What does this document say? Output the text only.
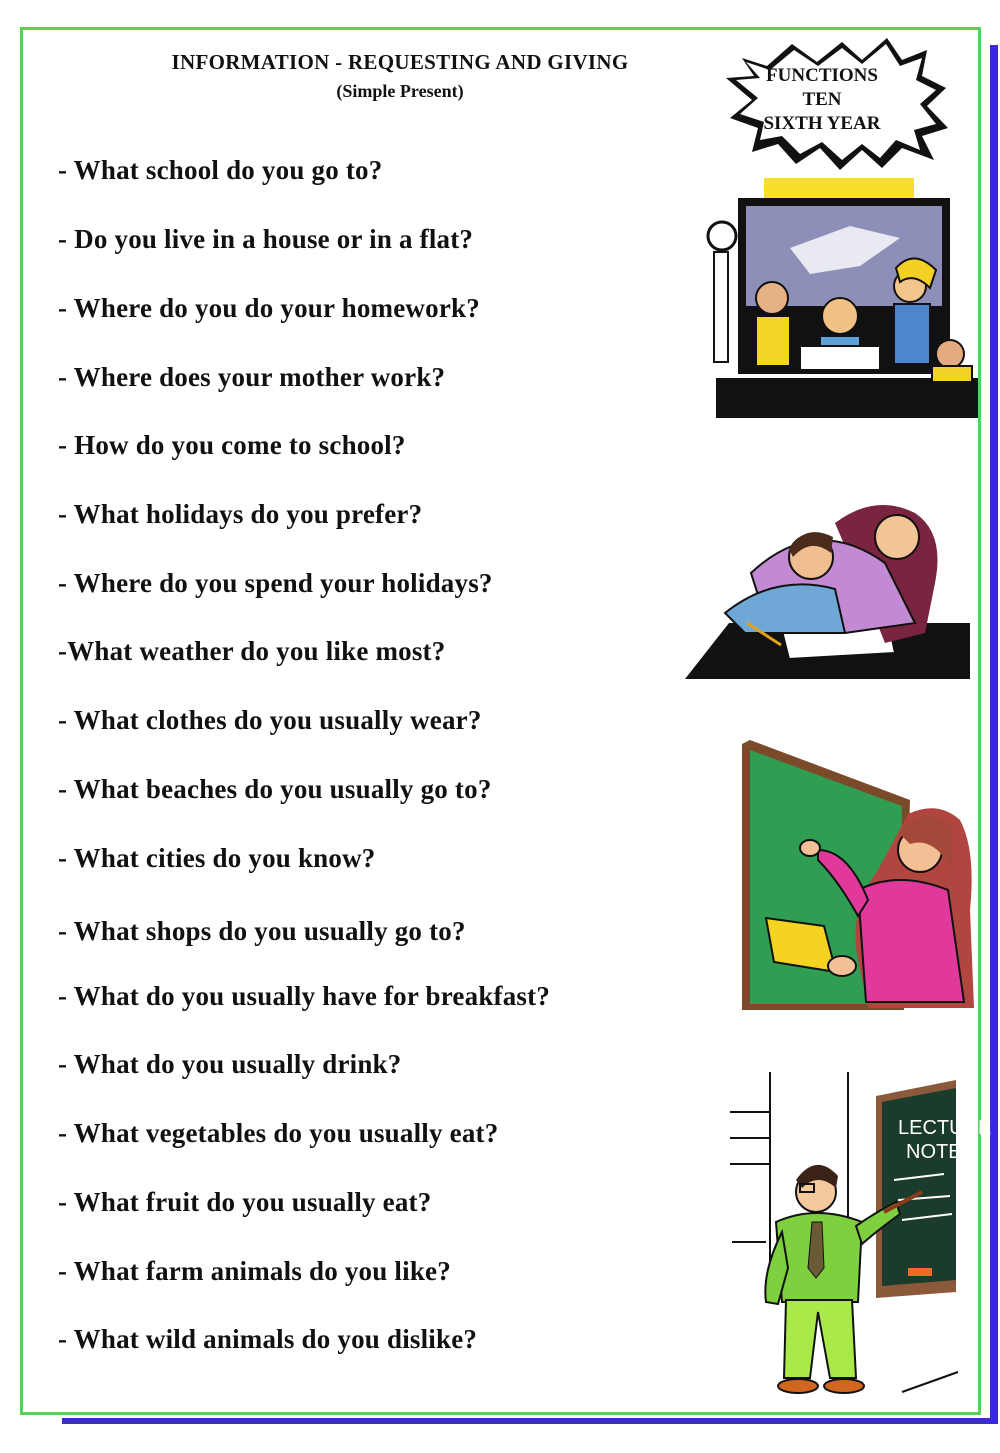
INFORMATION - REQUESTING AND GIVING
(Simple Present)
FUNCTIONS
TEN
SIXTH YEAR
- What school do you go to?
- Do you live in a house or in a flat?
- Where do you do your homework?
- Where does your mother work?
- How do you come to school?
- What holidays do you prefer?
- Where do you spend your holidays?
-What weather do you like most?
- What clothes do you usually wear?
- What beaches do you usually go to?
- What cities do you know?
- What shops do you usually go to?
- What do you usually have for breakfast?
- What do you usually drink?
- What vegetables do you usually eat?
- What fruit do you usually eat?
- What farm animals do you like?
- What wild animals do you dislike?
LECTURE
NOTES
